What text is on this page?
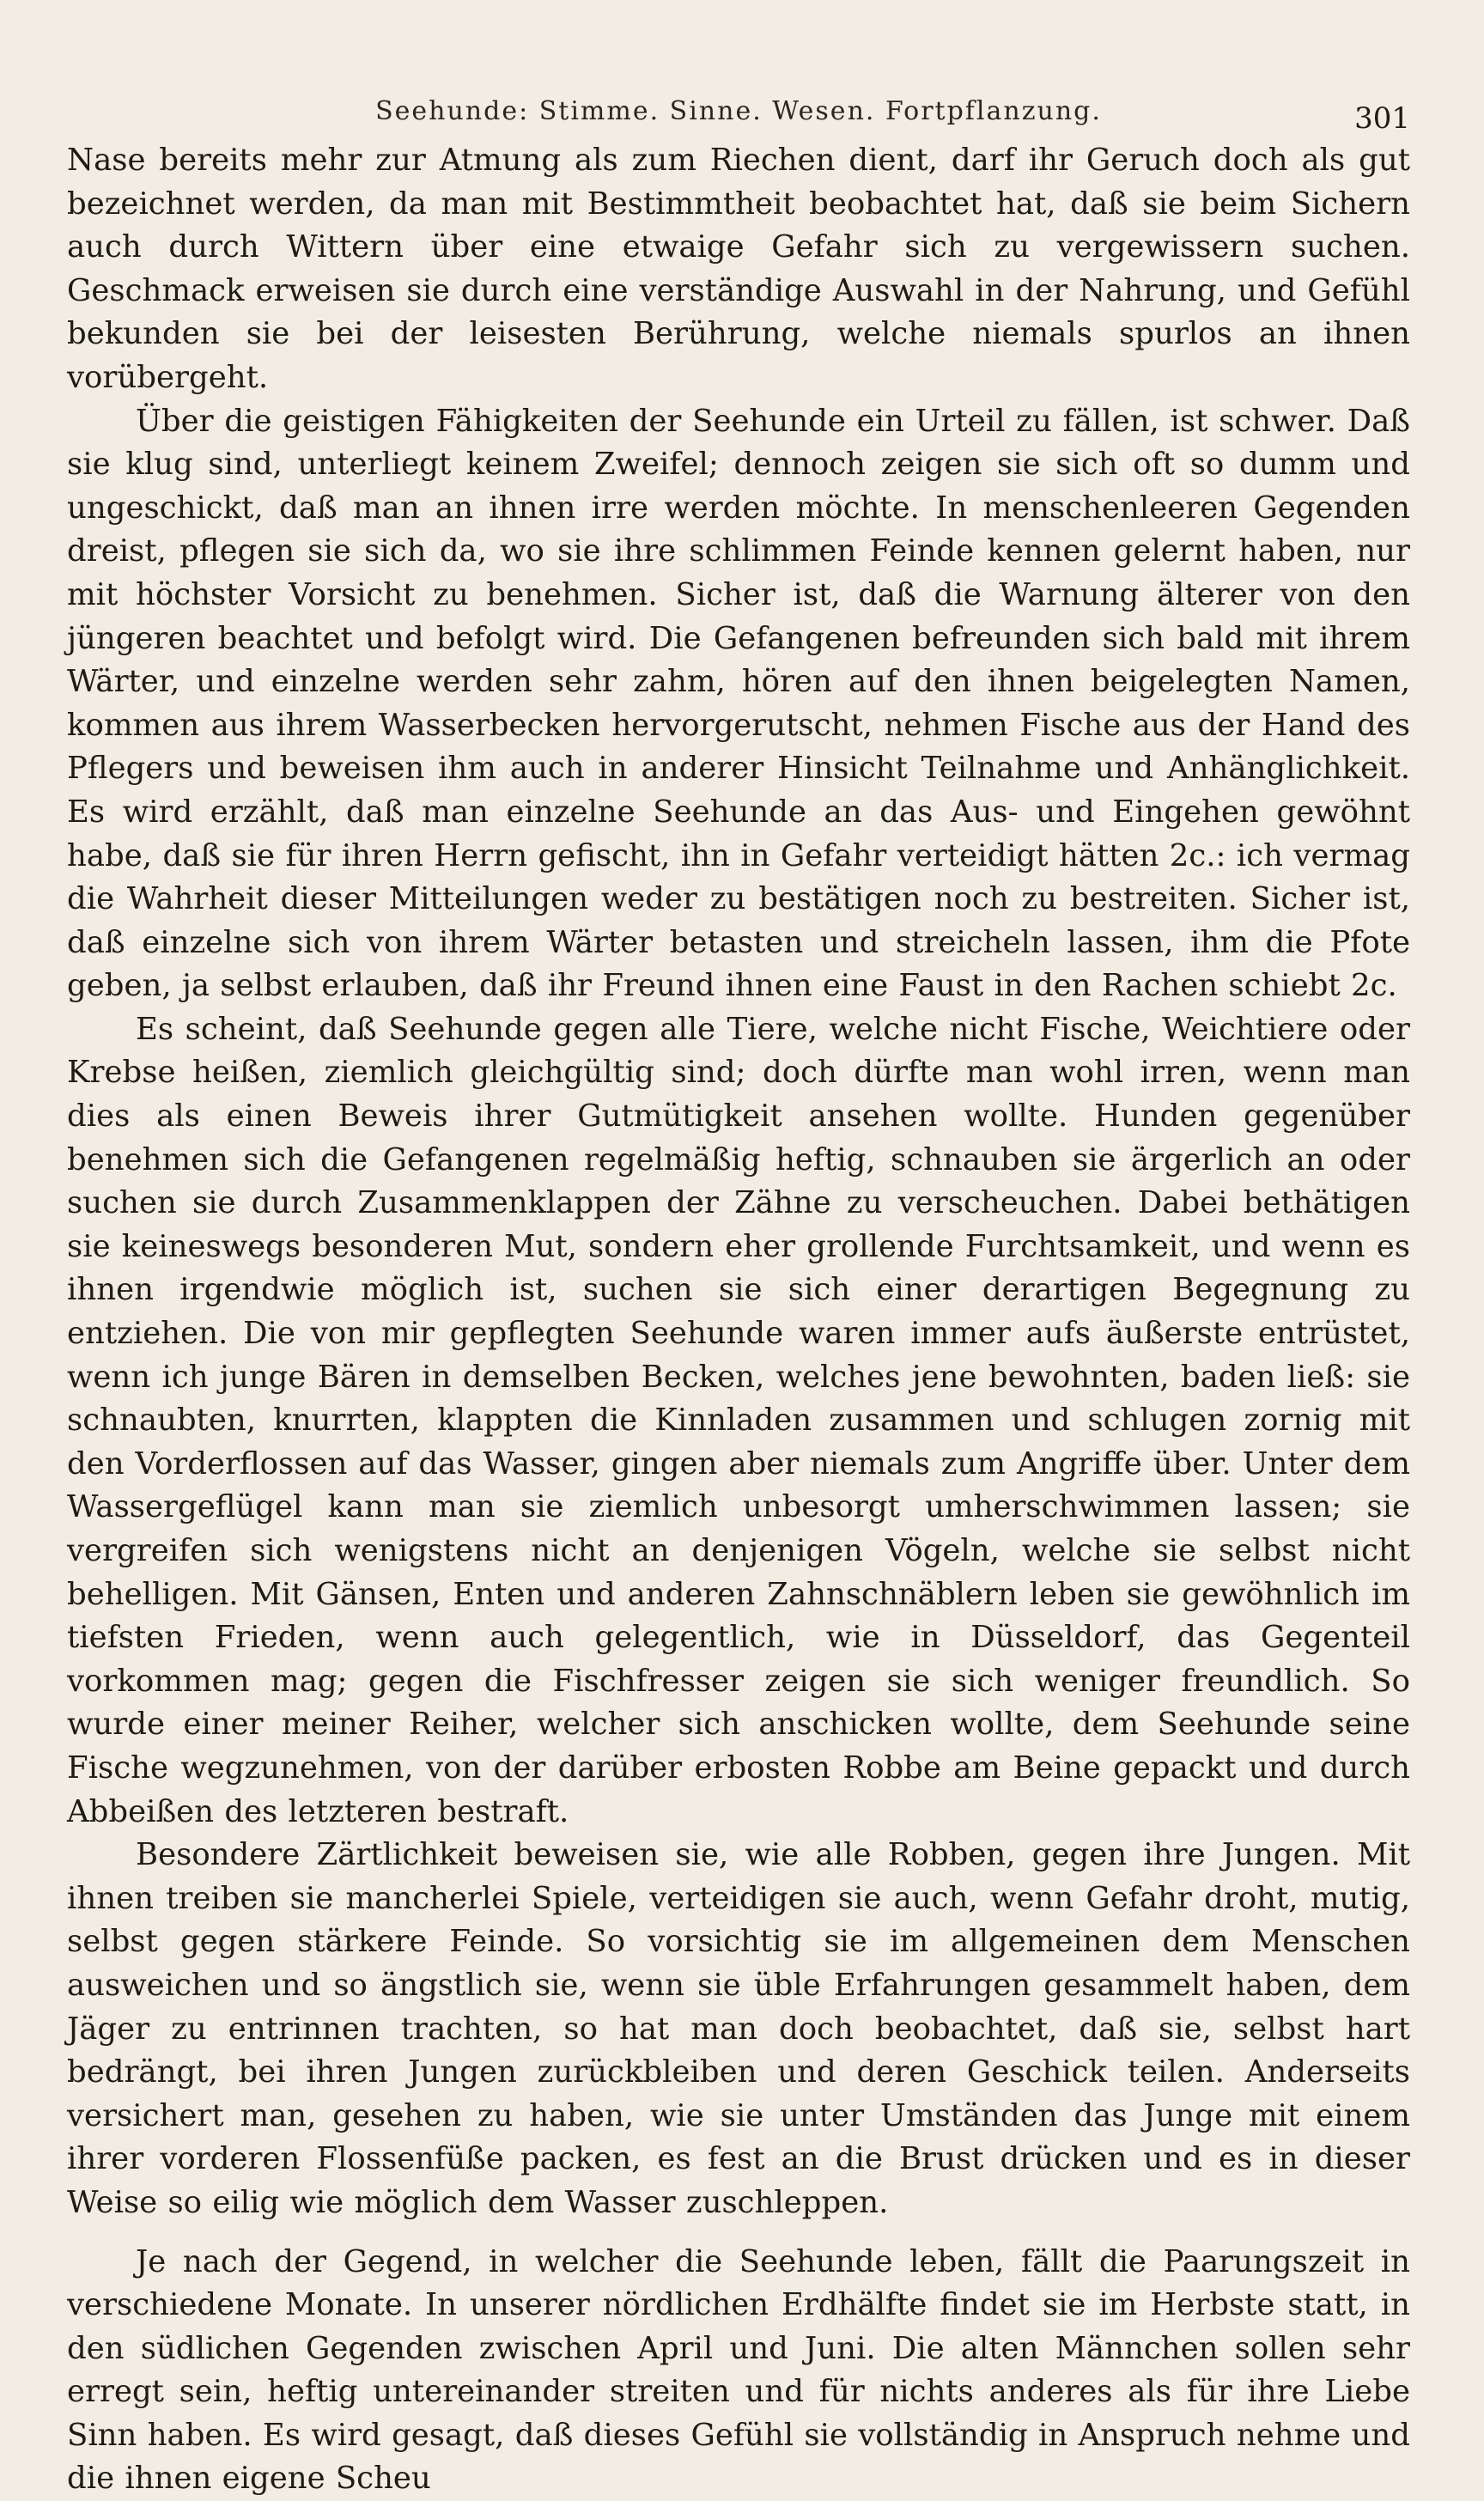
Seehunde: Stimme. Sinne. Wesen. Fortpflanzung.	301

Nase bereits mehr zur Atmung als zum Riechen dient, darf ihr Geruch doch als gut bezeichnet werden, da man mit Bestimmtheit beobachtet hat, daß sie beim Sichern auch durch Wittern über eine etwaige Gefahr sich zu vergewissern suchen. Geschmack erweisen sie durch eine verständige Auswahl in der Nahrung, und Gefühl bekunden sie bei der leisesten Berührung, welche niemals spurlos an ihnen vorübergeht.

Über die geistigen Fähigkeiten der Seehunde ein Urteil zu fällen, ist schwer. Daß sie klug sind, unterliegt keinem Zweifel; dennoch zeigen sie sich oft so dumm und ungeschickt, daß man an ihnen irre werden möchte. In menschenleeren Gegenden dreist, pflegen sie sich da, wo sie ihre schlimmen Feinde kennen gelernt haben, nur mit höchster Vorsicht zu benehmen. Sicher ist, daß die Warnung älterer von den jüngeren beachtet und befolgt wird. Die Gefangenen befreunden sich bald mit ihrem Wärter, und einzelne werden sehr zahm, hören auf den ihnen beigelegten Namen, kommen aus ihrem Wasserbecken hervorgerutscht, nehmen Fische aus der Hand des Pflegers und beweisen ihm auch in anderer Hinsicht Teilnahme und Anhänglichkeit. Es wird erzählt, daß man einzelne Seehunde an das Aus- und Eingehen gewöhnt habe, daß sie für ihren Herrn gefischt, ihn in Gefahr verteidigt hätten 2c.: ich vermag die Wahrheit dieser Mitteilungen weder zu bestätigen noch zu bestreiten. Sicher ist, daß einzelne sich von ihrem Wärter betasten und streicheln lassen, ihm die Pfote geben, ja selbst erlauben, daß ihr Freund ihnen eine Faust in den Rachen schiebt 2c.

Es scheint, daß Seehunde gegen alle Tiere, welche nicht Fische, Weichtiere oder Krebse heißen, ziemlich gleichgültig sind; doch dürfte man wohl irren, wenn man dies als einen Beweis ihrer Gutmütigkeit ansehen wollte. Hunden gegenüber benehmen sich die Gefangenen regelmäßig heftig, schnauben sie ärgerlich an oder suchen sie durch Zusammenklappen der Zähne zu verscheuchen. Dabei bethätigen sie keineswegs besonderen Mut, sondern eher grollende Furchtsamkeit, und wenn es ihnen irgendwie möglich ist, suchen sie sich einer derartigen Begegnung zu entziehen. Die von mir gepflegten Seehunde waren immer aufs äußerste entrüstet, wenn ich junge Bären in demselben Becken, welches jene bewohnten, baden ließ: sie schnaubten, knurrten, klappten die Kinnladen zusammen und schlugen zornig mit den Vorderflossen auf das Wasser, gingen aber niemals zum Angriffe über. Unter dem Wassergeflügel kann man sie ziemlich unbesorgt umherschwimmen lassen; sie vergreifen sich wenigstens nicht an denjenigen Vögeln, welche sie selbst nicht behelligen. Mit Gänsen, Enten und anderen Zahnschnäblern leben sie gewöhnlich im tiefsten Frieden, wenn auch gelegentlich, wie in Düsseldorf, das Gegenteil vorkommen mag; gegen die Fischfresser zeigen sie sich weniger freundlich. So wurde einer meiner Reiher, welcher sich anschicken wollte, dem Seehunde seine Fische wegzunehmen, von der darüber erbosten Robbe am Beine gepackt und durch Abbeißen des letzteren bestraft.

Besondere Zärtlichkeit beweisen sie, wie alle Robben, gegen ihre Jungen. Mit ihnen treiben sie mancherlei Spiele, verteidigen sie auch, wenn Gefahr droht, mutig, selbst gegen stärkere Feinde. So vorsichtig sie im allgemeinen dem Menschen ausweichen und so ängstlich sie, wenn sie üble Erfahrungen gesammelt haben, dem Jäger zu entrinnen trachten, so hat man doch beobachtet, daß sie, selbst hart bedrängt, bei ihren Jungen zurückbleiben und deren Geschick teilen. Anderseits versichert man, gesehen zu haben, wie sie unter Umständen das Junge mit einem ihrer vorderen Flossenfüße packen, es fest an die Brust drücken und es in dieser Weise so eilig wie möglich dem Wasser zuschleppen.

Je nach der Gegend, in welcher die Seehunde leben, fällt die Paarungszeit in verschiedene Monate. In unserer nördlichen Erdhälfte findet sie im Herbste statt, in den südlichen Gegenden zwischen April und Juni. Die alten Männchen sollen sehr erregt sein, heftig untereinander streiten und für nichts anderes als für ihre Liebe Sinn haben. Es wird gesagt, daß dieses Gefühl sie vollständig in Anspruch nehme und die ihnen eigene Scheu
